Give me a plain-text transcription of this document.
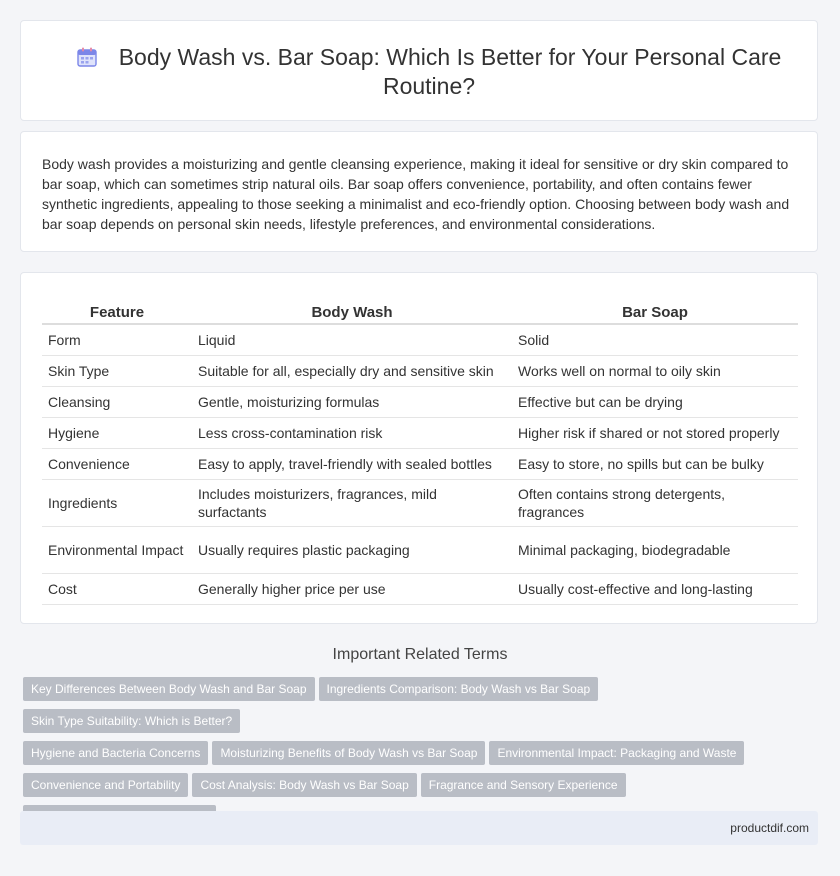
Body Wash vs. Bar Soap: Which Is Better for Your Personal Care Routine?

Body wash provides a moisturizing and gentle cleansing experience, making it ideal for sensitive or dry skin compared to bar soap, which can sometimes strip natural oils. Bar soap offers convenience, portability, and often contains fewer synthetic ingredients, appealing to those seeking a minimalist and eco-friendly option. Choosing between body wash and bar soap depends on personal skin needs, lifestyle preferences, and environmental considerations.

Feature	Body Wash	Bar Soap
Form	Liquid	Solid
Skin Type	Suitable for all, especially dry and sensitive skin	Works well on normal to oily skin
Cleansing	Gentle, moisturizing formulas	Effective but can be drying
Hygiene	Less cross-contamination risk	Higher risk if shared or not stored properly
Convenience	Easy to apply, travel-friendly with sealed bottles	Easy to store, no spills but can be bulky
Ingredients	Includes moisturizers, fragrances, mild surfactants	Often contains strong detergents, fragrances
Environmental Impact	Usually requires plastic packaging	Minimal packaging, biodegradable
Cost	Generally higher price per use	Usually cost-effective and long-lasting
Important Related Terms
Key Differences Between Body Wash and Bar Soap Ingredients Comparison: Body Wash vs Bar SoapSkin Type Suitability: Which is Better?
Hygiene and Bacteria Concerns Moisturizing Benefits of Body Wash vs Bar Soap Environmental Impact: Packaging and Waste
Convenience and Portability Cost Analysis: Body Wash vs Bar Soap Fragrance and Sensory Experience

productdif.com
